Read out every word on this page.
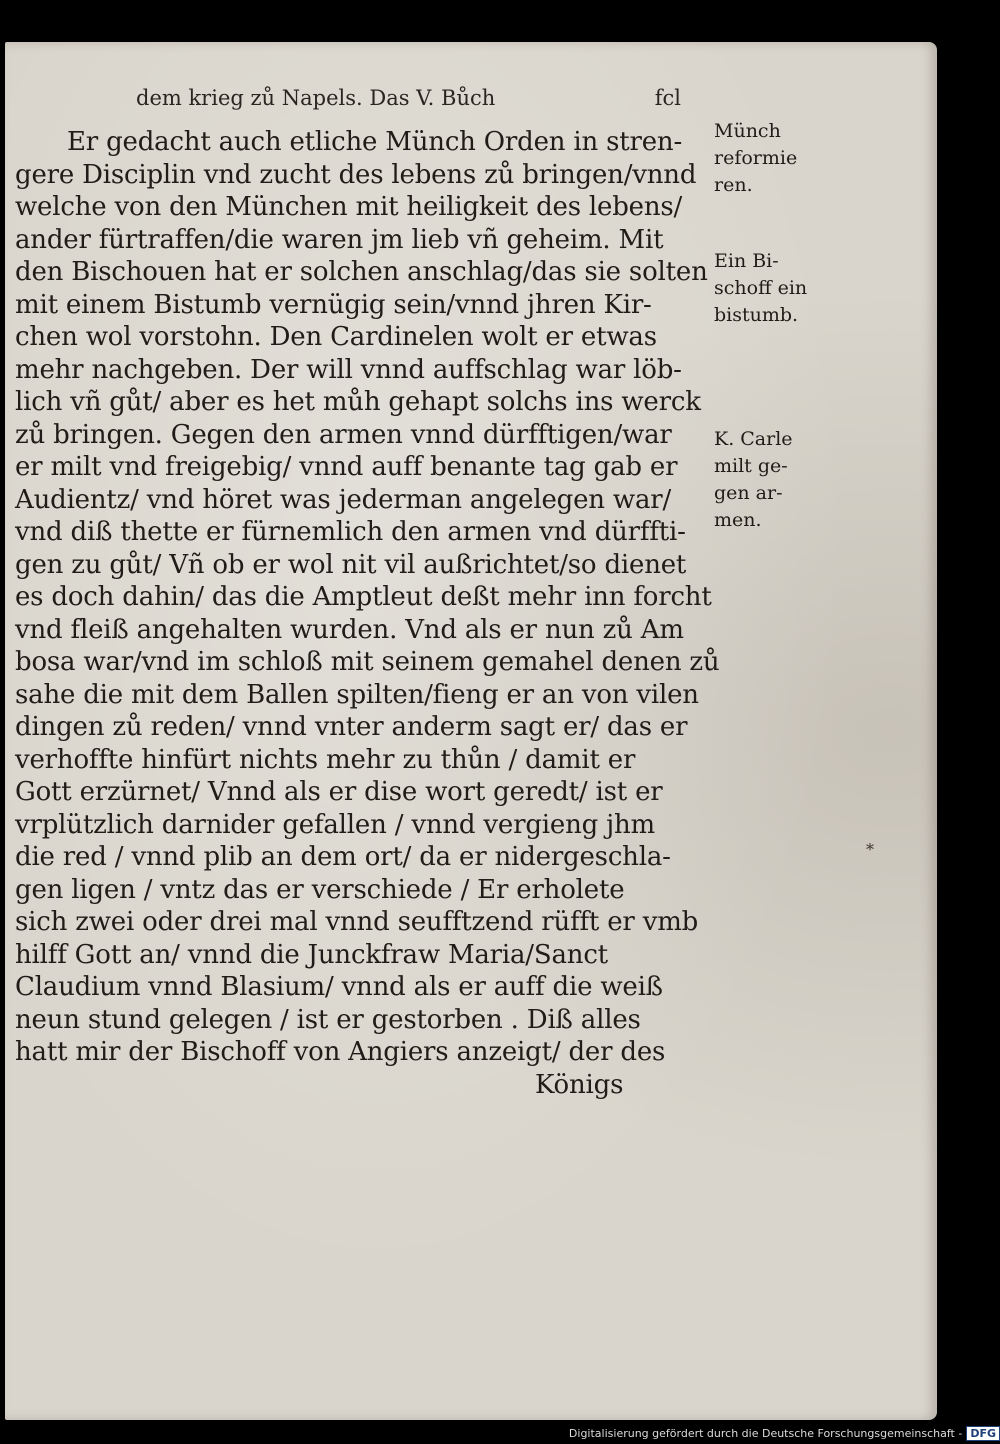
dem krieg zů Napels. Das V. Bůch	fcl
Er gedacht auch etliche Münch Orden in stren-
gere Disciplin vnd zucht des lebens zů bringen/vnnd
welche von den München mit heiligkeit des lebens/
ander fürtraffen/die waren jm lieb vñ geheim. Mit
den Bischouen hat er solchen anschlag/das sie solten
mit einem Bistumb vernügig sein/vnnd jhren Kir-
chen wol vorstohn. Den Cardinelen wolt er etwas
mehr nachgeben. Der will vnnd auffschlag war löb-
lich vñ gůt/ aber es het můh gehapt solchs ins werck
zů bringen. Gegen den armen vnnd dürfftigen/war
er milt vnd freigebig/ vnnd auff benante tag gab er
Audientz/ vnd höret was jederman angelegen war/
vnd diß thette er fürnemlich den armen vnd dürffti-
gen zu gůt/ Vñ ob er wol nit vil außrichtet/so dienet
es doch dahin/ das die Amptleut deßt mehr inn forcht
vnd fleiß angehalten wurden. Vnd als er nun zů Am
bosa war/vnd im schloß mit seinem gemahel denen zů
sahe die mit dem Ballen spilten/fieng er an von vilen
dingen zů reden/ vnnd vnter anderm sagt er/ das er
verhoffte hinfürt nichts mehr zu thůn / damit er
Gott erzürnet/ Vnnd als er dise wort geredt/ ist er
vrplützlich darnider gefallen / vnnd vergieng jhm
die red / vnnd plib an dem ort/ da er nidergeschla-
gen ligen / vntz das er verschiede / Er erholete
sich zwei oder drei mal vnnd seufftzend rüfft er vmb
hilff Gott an/ vnnd die Junckfraw Maria/Sanct
Claudium vnnd Blasium/ vnnd als er auff die weiß
neun stund gelegen / ist er gestorben . Diß alles
hatt mir der Bischoff von Angiers anzeigt/ der des
Königs
Münch
reformie
ren.
Ein Bi-
schoff ein
bistumb.
K. Carle
milt ge-
gen ar-
men.
*
Digitalisierung gefördert durch die Deutsche Forschungsgemeinschaft - DFG
